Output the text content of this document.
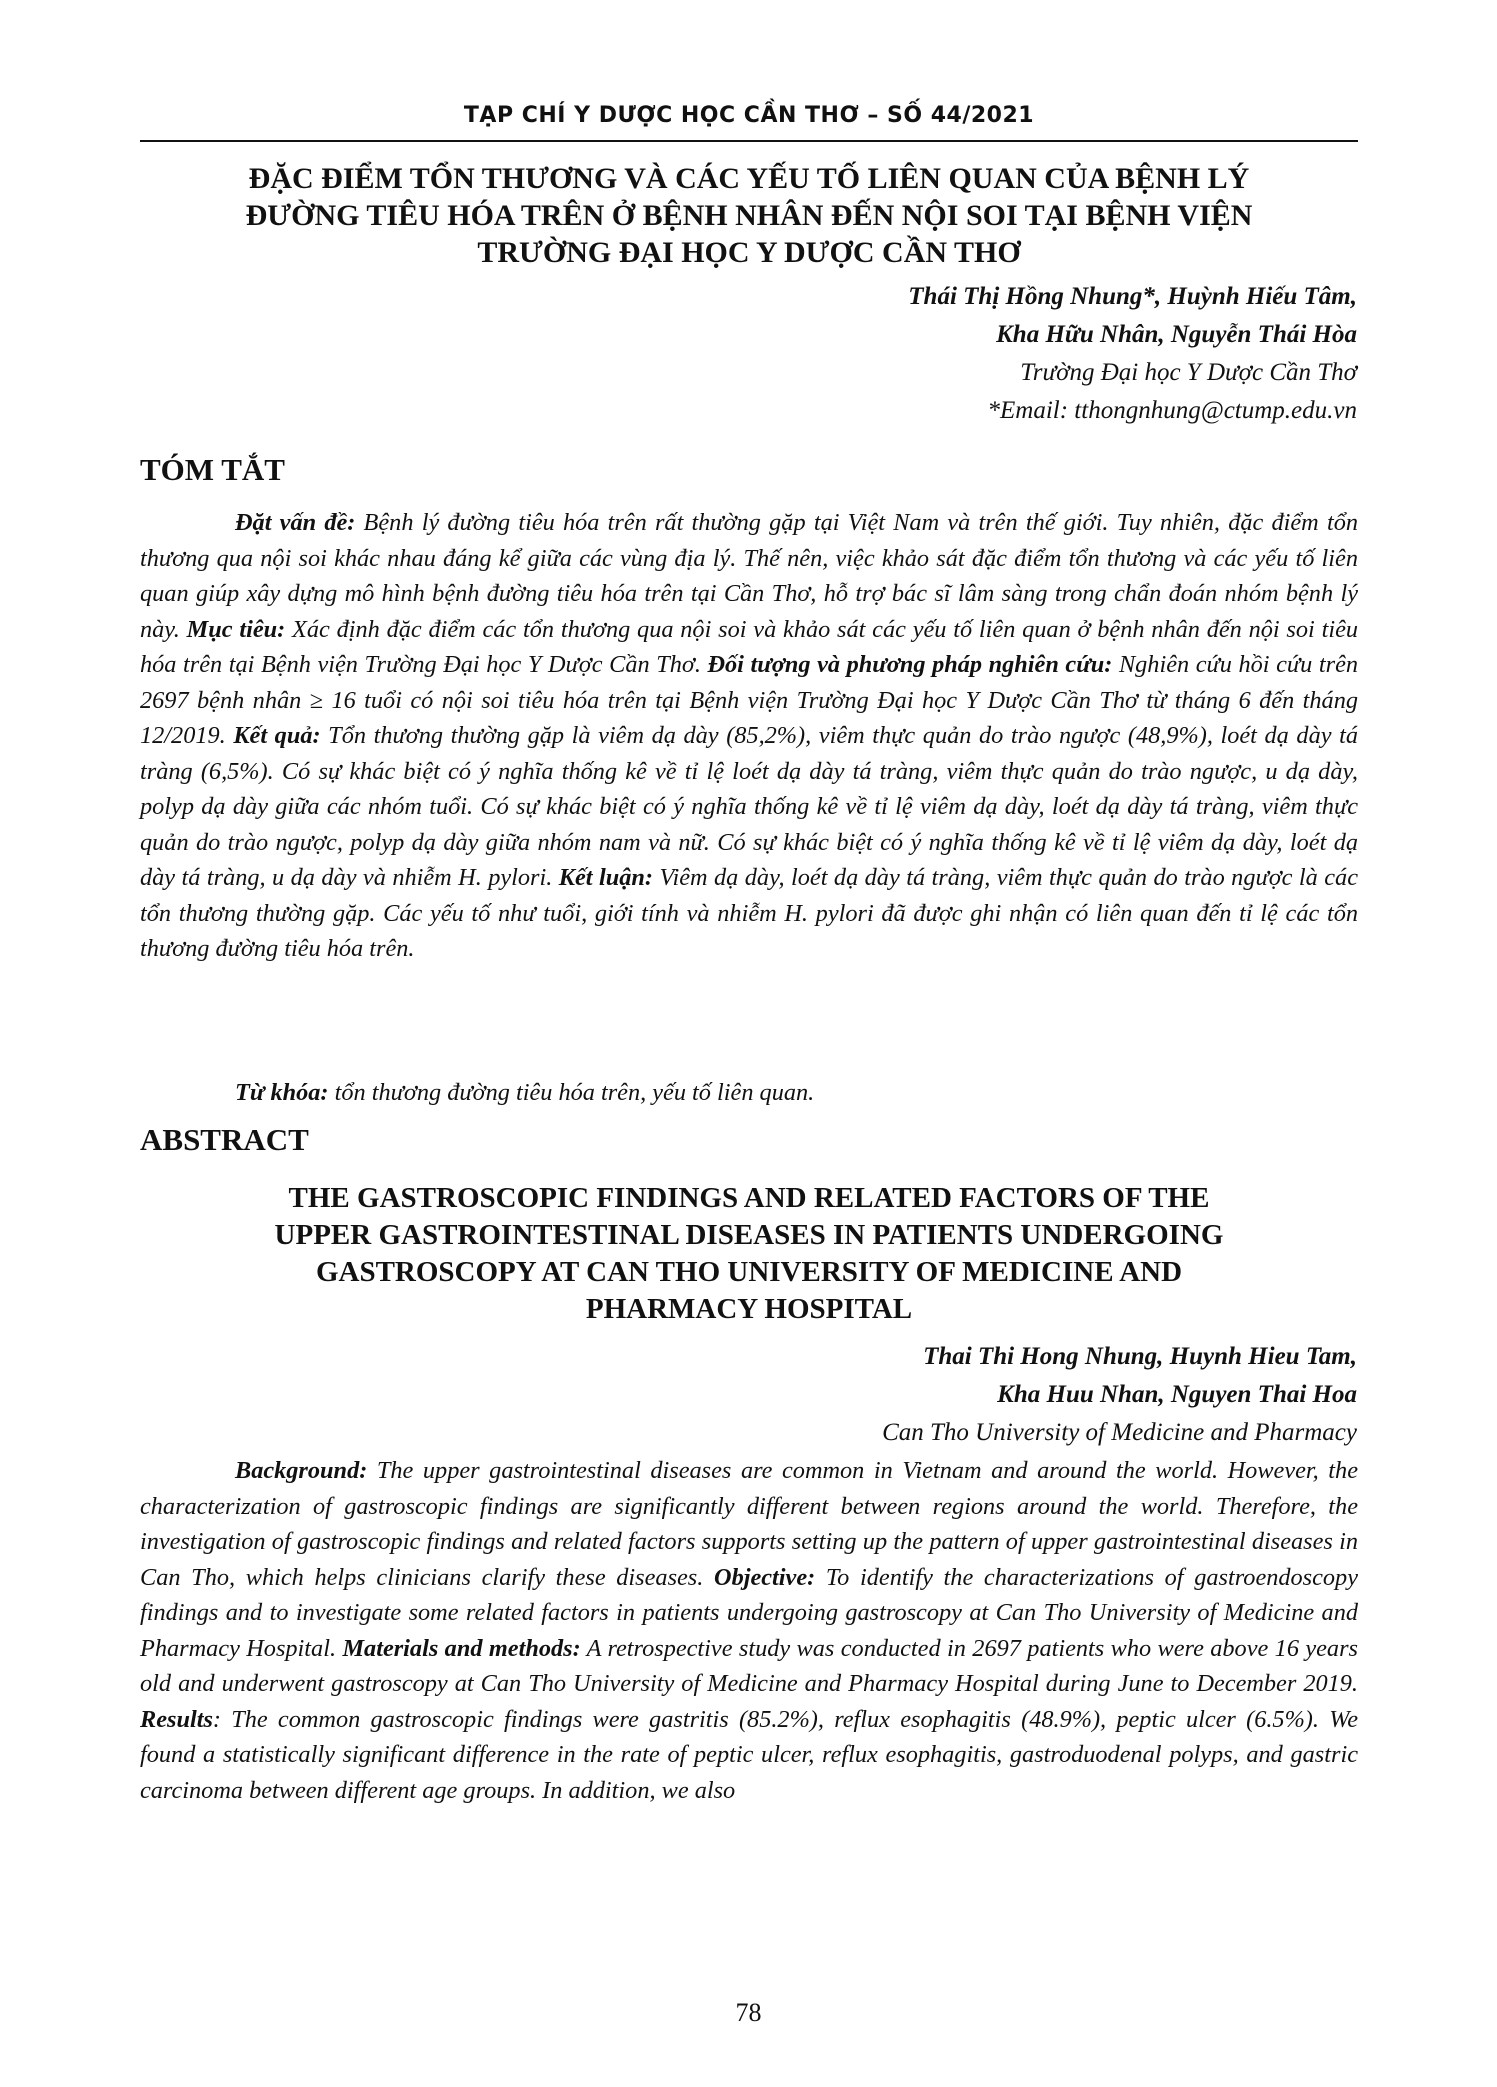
TẠP CHÍ Y DƯỢC HỌC CẦN THƠ – SỐ 44/2021
ĐẶC ĐIỂM TỔN THƯƠNG VÀ CÁC YẾU TỐ LIÊN QUAN CỦA BỆNH LÝ
ĐƯỜNG TIÊU HÓA TRÊN Ở BỆNH NHÂN ĐẾN NỘI SOI TẠI BỆNH VIỆN
TRƯỜNG ĐẠI HỌC Y DƯỢC CẦN THƠ
Thái Thị Hồng Nhung*, Huỳnh Hiếu Tâm,
Kha Hữu Nhân, Nguyễn Thái Hòa
Trường Đại học Y Dược Cần Thơ
*Email: tthongnhung@ctump.edu.vn
TÓM TẮT
Đặt vấn đề: Bệnh lý đường tiêu hóa trên rất thường gặp tại Việt Nam và trên thế giới. Tuy nhiên, đặc điểm tổn thương qua nội soi khác nhau đáng kể giữa các vùng địa lý. Thế nên, việc khảo sát đặc điểm tổn thương và các yếu tố liên quan giúp xây dựng mô hình bệnh đường tiêu hóa trên tại Cần Thơ, hỗ trợ bác sĩ lâm sàng trong chẩn đoán nhóm bệnh lý này. Mục tiêu: Xác định đặc điểm các tổn thương qua nội soi và khảo sát các yếu tố liên quan ở bệnh nhân đến nội soi tiêu hóa trên tại Bệnh viện Trường Đại học Y Dược Cần Thơ. Đối tượng và phương pháp nghiên cứu: Nghiên cứu hồi cứu trên 2697 bệnh nhân ≥ 16 tuổi có nội soi tiêu hóa trên tại Bệnh viện Trường Đại học Y Dược Cần Thơ từ tháng 6 đến tháng 12/2019. Kết quả: Tổn thương thường gặp là viêm dạ dày (85,2%), viêm thực quản do trào ngược (48,9%), loét dạ dày tá tràng (6,5%). Có sự khác biệt có ý nghĩa thống kê về tỉ lệ loét dạ dày tá tràng, viêm thực quản do trào ngược, u dạ dày, polyp dạ dày giữa các nhóm tuổi. Có sự khác biệt có ý nghĩa thống kê về tỉ lệ viêm dạ dày, loét dạ dày tá tràng, viêm thực quản do trào ngược, polyp dạ dày giữa nhóm nam và nữ. Có sự khác biệt có ý nghĩa thống kê về tỉ lệ viêm dạ dày, loét dạ dày tá tràng, u dạ dày và nhiễm H. pylori. Kết luận: Viêm dạ dày, loét dạ dày tá tràng, viêm thực quản do trào ngược là các tổn thương thường gặp. Các yếu tố như tuổi, giới tính và nhiễm H. pylori đã được ghi nhận có liên quan đến tỉ lệ các tổn thương đường tiêu hóa trên.
Từ khóa: tổn thương đường tiêu hóa trên, yếu tố liên quan.
ABSTRACT
THE GASTROSCOPIC FINDINGS AND RELATED FACTORS OF THE
UPPER GASTROINTESTINAL DISEASES IN PATIENTS UNDERGOING
GASTROSCOPY AT CAN THO UNIVERSITY OF MEDICINE AND
PHARMACY HOSPITAL
Thai Thi Hong Nhung, Huynh Hieu Tam,
Kha Huu Nhan, Nguyen Thai Hoa
Can Tho University of Medicine and Pharmacy
Background: The upper gastrointestinal diseases are common in Vietnam and around the world. However, the characterization of gastroscopic findings are significantly different between regions around the world. Therefore, the investigation of gastroscopic findings and related factors supports setting up the pattern of upper gastrointestinal diseases in Can Tho, which helps clinicians clarify these diseases. Objective: To identify the characterizations of gastroendoscopy findings and to investigate some related factors in patients undergoing gastroscopy at Can Tho University of Medicine and Pharmacy Hospital. Materials and methods: A retrospective study was conducted in 2697 patients who were above 16 years old and underwent gastroscopy at Can Tho University of Medicine and Pharmacy Hospital during June to December 2019. Results: The common gastroscopic findings were gastritis (85.2%), reflux esophagitis (48.9%), peptic ulcer (6.5%). We found a statistically significant difference in the rate of peptic ulcer, reflux esophagitis, gastroduodenal polyps, and gastric carcinoma between different age groups. In addition, we also
78
